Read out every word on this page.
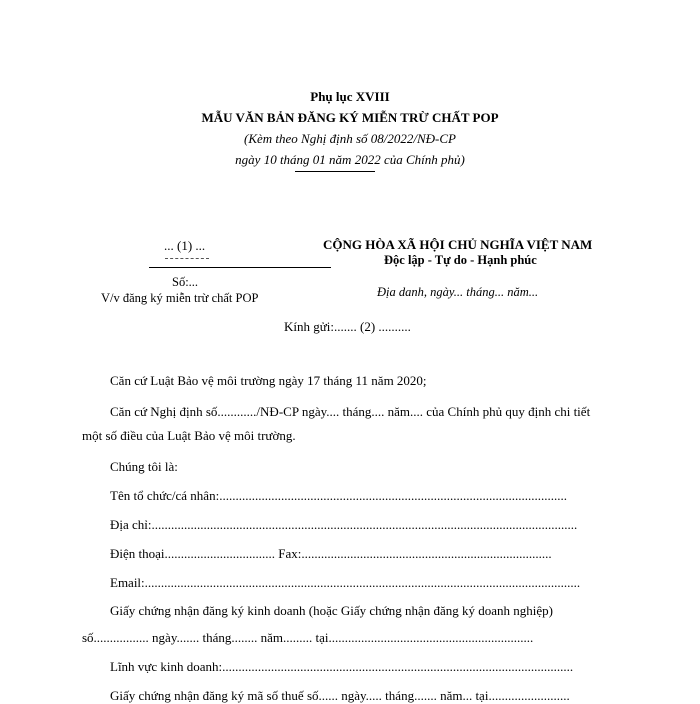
Phụ lục XVIII
MẪU VĂN BẢN ĐĂNG KÝ MIỄN TRỪ CHẤT POP
(Kèm theo Nghị định số 08/2022/NĐ-CP
ngày 10 tháng 01 năm 2022 của Chính phủ)
... (1) ...
Số:...
V/v đăng ký miễn trừ chất POP
CỘNG HÒA XÃ HỘI CHỦ NGHĨA VIỆT NAM
Độc lập - Tự do - Hạnh phúc
Địa danh, ngày... tháng... năm...
Kính gửi:....... (2) ..........
Căn cứ Luật Bảo vệ môi trường ngày 17 tháng 11 năm 2020;
Căn cứ Nghị định số............/NĐ-CP ngày.... tháng.... năm.... của Chính phủ quy định chi tiết
một số điều của Luật Bảo vệ môi trường.
Chúng tôi là:
Tên tổ chức/cá nhân:...........................................................................................................
Địa chỉ:...................................................................................................................................
Điện thoại.................................. Fax:.............................................................................
Email:......................................................................................................................................
Giấy chứng nhận đăng ký kinh doanh (hoặc Giấy chứng nhận đăng ký doanh nghiệp)
số................. ngày....... tháng........ năm......... tại...............................................................
Lĩnh vực kinh doanh:............................................................................................................
Giấy chứng nhận đăng ký mã số thuế số...... ngày..... tháng....... năm... tại.........................
